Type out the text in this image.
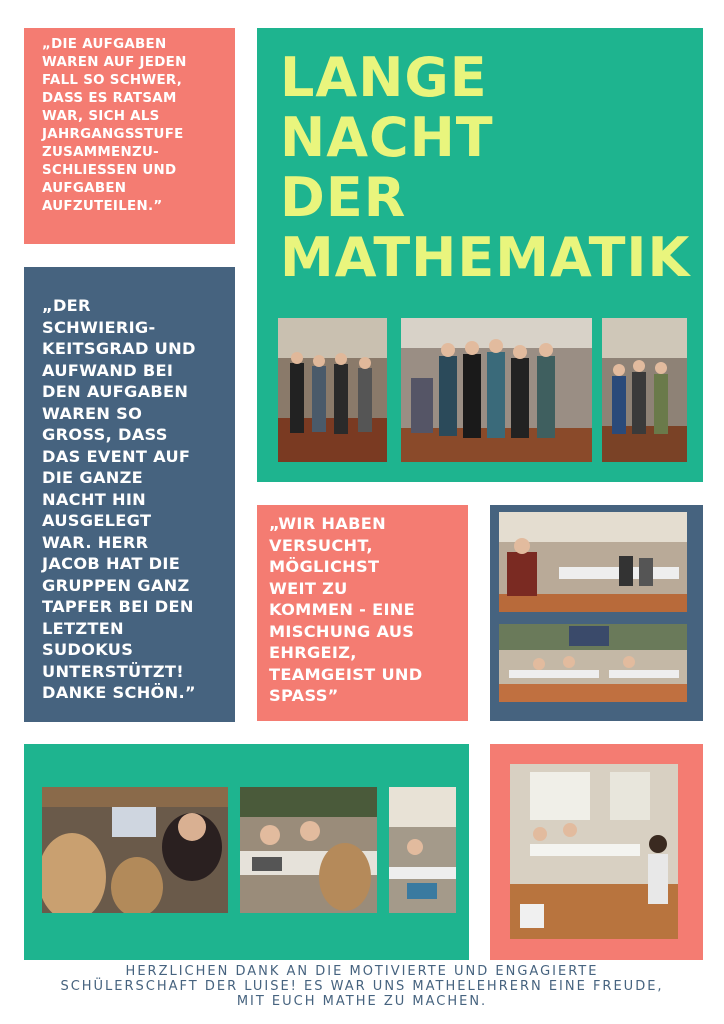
„DIE AUFGABEN
WAREN AUF JEDEN
FALL SO SCHWER,
DASS ES RATSAM
WAR, SICH ALS
JAHRGANGSSTUFE
ZUSAMMENZU-
SCHLIESSEN UND
AUFGABEN
AUFZUTEILEN.”

LANGE
NACHT
DER
MATHEMATIK

„DER
SCHWIERIG-
KEITSGRAD UND
AUFWAND BEI
DEN AUFGABEN
WAREN SO
GROSS, DASS
DAS EVENT AUF
DIE GANZE
NACHT HIN
AUSGELEGT
WAR. HERR
JACOB HAT DIE
GRUPPEN GANZ
TAPFER BEI DEN
LETZTEN
SUDOKUS
UNTERSTÜTZT!
DANKE SCHÖN.”

„WIR HABEN
VERSUCHT,
MÖGLICHST
WEIT ZU
KOMMEN - EINE
MISCHUNG AUS
EHRGEIZ,
TEAMGEIST UND
SPASS”

HERZLICHEN DANK AN DIE MOTIVIERTE UND ENGAGIERTE
SCHÜLERSCHAFT DER LUISE! ES WAR UNS MATHELEHRERN EINE FREUDE,
MIT EUCH MATHE ZU MACHEN.
